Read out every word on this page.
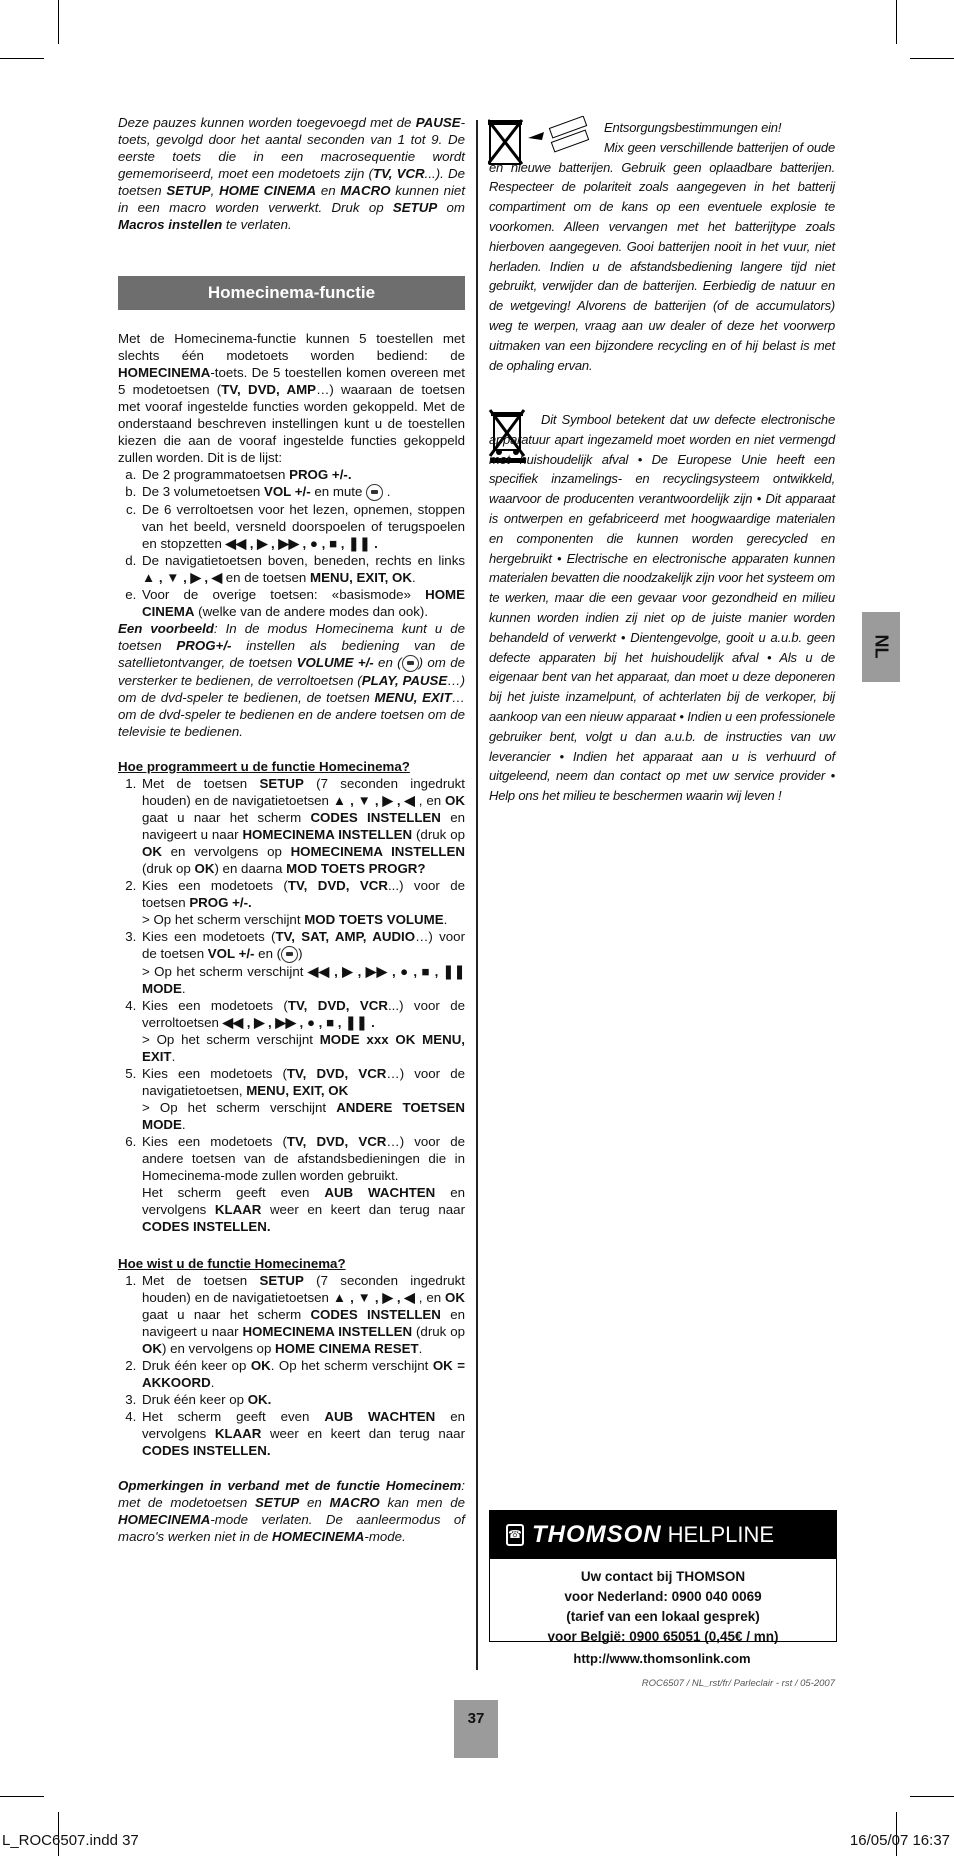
Deze pauzes kunnen worden toegevoegd met de PAUSE-toets, gevolgd door het aantal seconden van 1 tot 9. De eerste toets die in een macrosequentie wordt gememoriseerd, moet een modetoets zijn (TV, VCR...). De toetsen SETUP, HOME CINEMA en MACRO kunnen niet in een macro worden verwerkt. Druk op SETUP om Macros instellen te verlaten.

Homecinema-functie

Met de Homecinema-functie kunnen 5 toestellen met slechts één modetoets worden bediend: de HOMECINEMA-toets. De 5 toestellen komen overeen met 5 modetoetsen (TV, DVD, AMP…) waaraan de toetsen met vooraf ingestelde functies worden gekoppeld. Met de onderstaand beschreven instellingen kunt u de toestellen kiezen die aan de vooraf ingestelde functies gekoppeld zullen worden. Dit is de lijst:

a. De 2 programmatoetsen PROG +/-.
b. De 3 volumetoetsen VOL +/- en mute  .
c. De 6 verroltoetsen voor het lezen, opnemen, stoppen van het beeld, versneld doorspoelen of terugspoelen en stopzetten ◀◀ , ▶ , ▶▶ , ● , ■ , ❚❚ .
d. De navigatietoetsen boven, beneden, rechts en links ▲ , ▼ , ▶ , ◀ en de toetsen MENU, EXIT, OK.
e. Voor de overige toetsen: «basismode» HOME CINEMA (welke van de andere modes dan ook).

Een voorbeeld: In de modus Homecinema kunt u de toetsen PROG+/- instellen als bediening van de satellietontvanger, de toetsen VOLUME +/- en ( ) om de versterker te bedienen, de verroltoetsen (PLAY, PAUSE…) om de dvd-speler te bedienen, de toetsen MENU, EXIT… om de dvd-speler te bedienen en de andere toetsen om de televisie te bedienen.

Hoe programmeert u de functie Homecinema?

1. Met de toetsen SETUP (7 seconden ingedrukt houden) en de navigatietoetsen ▲ , ▼ , ▶ , ◀ , en OK gaat u naar het scherm CODES INSTELLEN en navigeert u naar HOMECINEMA INSTELLEN (druk op OK en vervolgens op HOMECINEMA INSTELLEN (druk op OK) en daarna MOD TOETS PROGR?
2. Kies een modetoets (TV, DVD, VCR...) voor de toetsen PROG +/-.
> Op het scherm verschijnt MOD TOETS VOLUME.
3. Kies een modetoets (TV, SAT, AMP, AUDIO…) voor de toetsen VOL +/- en ( )
> Op het scherm verschijnt ◀◀ , ▶ , ▶▶ , ● , ■ , ❚❚ MODE.
4. Kies een modetoets (TV, DVD, VCR...) voor de verroltoetsen ◀◀ , ▶ , ▶▶ , ● , ■ , ❚❚ .
> Op het scherm verschijnt MODE xxx OK MENU, EXIT.
5. Kies een modetoets (TV, DVD, VCR…) voor de navigatietoetsen, MENU, EXIT, OK
> Op het scherm verschijnt ANDERE TOETSEN MODE.
6. Kies een modetoets (TV, DVD, VCR…) voor de andere toetsen van de afstandsbedieningen die in Homecinema-mode zullen worden gebruikt.
Het scherm geeft even AUB WACHTEN en vervolgens KLAAR weer en keert dan terug naar CODES INSTELLEN.

Hoe wist u de functie Homecinema?

1. Met de toetsen SETUP (7 seconden ingedrukt houden) en de navigatietoetsen ▲ , ▼ , ▶ , ◀ , en OK gaat u naar het scherm CODES INSTELLEN en navigeert u naar HOMECINEMA INSTELLEN (druk op OK) en vervolgens op HOME CINEMA RESET.
2. Druk één keer op OK. Op het scherm verschijnt OK = AKKOORD.
3. Druk één keer op OK.
4. Het scherm geeft even AUB WACHTEN en vervolgens KLAAR weer en keert dan terug naar CODES INSTELLEN.

Opmerkingen in verband met de functie Homecinem: met de modetoetsen SETUP en MACRO kan men de HOMECINEMA-mode verlaten. De aanleermodus of macro's werken niet in de HOMECINEMA-mode.

Entsorgungsbestimmungen ein!

Mix geen verschillende batterijen of oude en nieuwe batterijen. Gebruik geen oplaadbare batterijen. Respecteer de polariteit zoals aangegeven in het batterij compartiment om de kans op een eventuele explosie te voorkomen. Alleen vervangen met het batterijtype zoals hierboven aangegeven. Gooi batterijen nooit in het vuur, niet herladen. Indien u de afstandsbediening langere tijd niet gebruikt, verwijder dan de batterijen. Eerbiedig de natuur en de wetgeving! Alvorens de batterijen (of de accumulators) weg te werpen, vraag aan uw dealer of deze het voorwerp uitmaken van een bijzondere recycling en of hij belast is met de ophaling ervan.

Dit Symbool betekent dat uw defecte electronische apparatuur apart ingezameld moet worden en niet vermengd met huishoudelijk afval • De Europese Unie heeft een specifiek inzamelings- en recyclingsysteem ontwikkeld, waarvoor de producenten verantwoordelijk zijn • Dit apparaat is ontwerpen en gefabriceerd met hoogwaardige materialen en componenten die kunnen worden gerecycled en hergebruikt • Electrische en electronische apparaten kunnen materialen bevatten die noodzakelijk zijn voor het systeem om te werken, maar die een gevaar voor gezondheid en milieu kunnen worden indien zij niet op de juiste manier worden behandeld of verwerkt • Dientengevolge, gooit u a.u.b. geen defecte apparaten bij het huishoudelijk afval • Als u de eigenaar bent van het apparaat, dan moet u deze deponeren bij het juiste inzamelpunt, of achterlaten bij de verkoper, bij aankoop van een nieuw apparaat • Indien u een professionele gebruiker bent, volgt u dan a.u.b. de instructies van uw leverancier • Indien het apparaat aan u is verhuurd of uitgeleend, neem dan contact op met uw service provider • Help ons het milieu te beschermen waarin wij leven !

NL
☎ THOMSON HELPLINE
Uw contact bij THOMSON
voor Nederland: 0900 040 0069
(tarief van een lokaal gesprek)
voor België: 0900 65051 (0,45€ / mn)
http://www.thomsonlink.com
ROC6507 / NL_rst/fr/ Parleclair - rst / 05-2007
37
L_ROC6507.indd 37	16/05/07 16:37
